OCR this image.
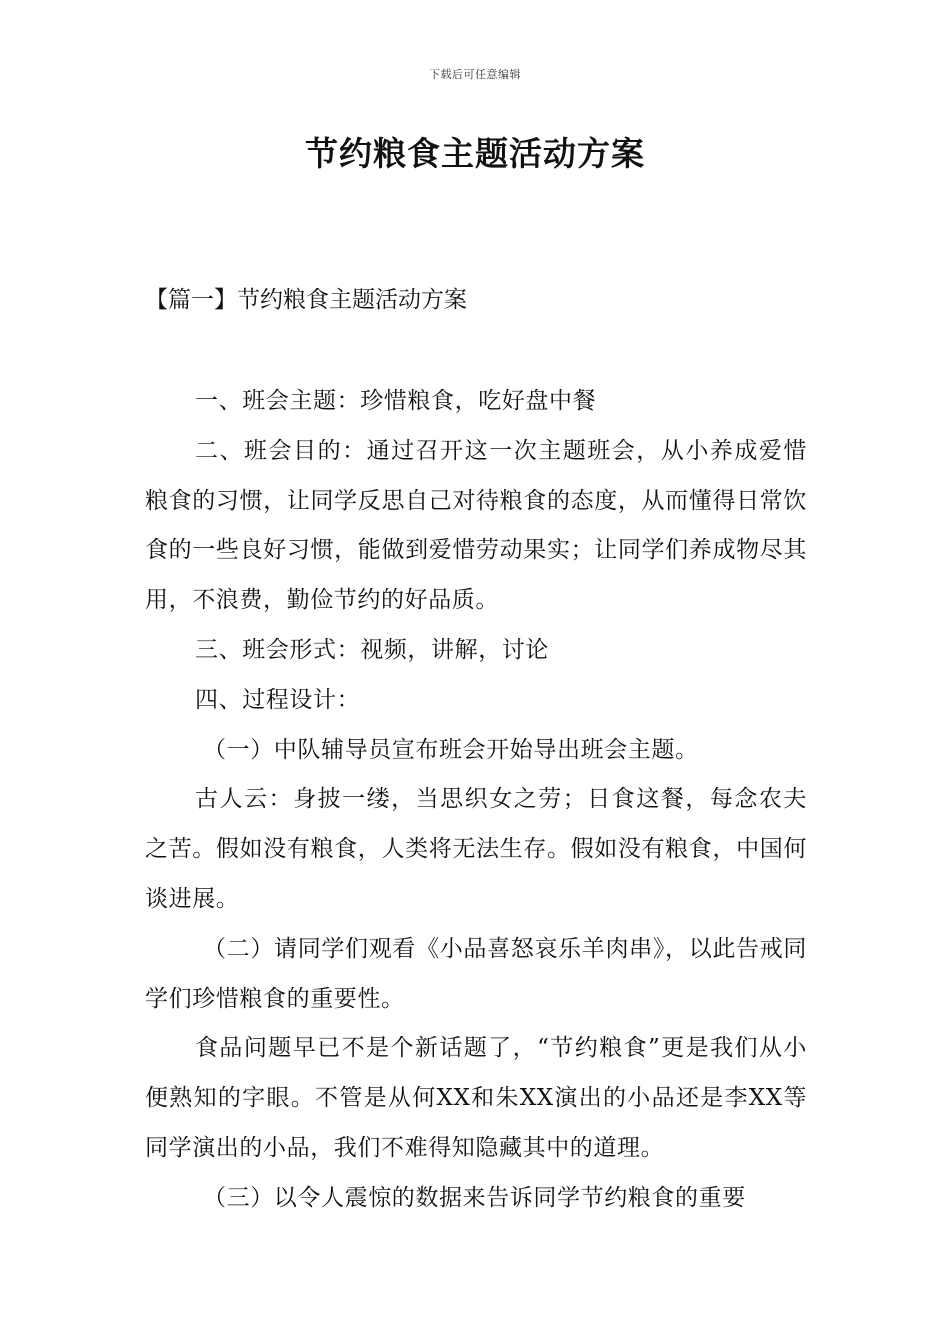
下载后可任意编辑
节约粮食主题活动方案
【篇一】节约粮食主题活动方案

一、班会主题：珍惜粮食，吃好盘中餐

二、班会目的：通过召开这一次主题班会，从小养成爱惜粮食的习惯，让同学反思自己对待粮食的态度，从而懂得日常饮食的一些良好习惯，能做到爱惜劳动果实；让同学们养成物尽其用，不浪费，勤俭节约的好品质。

三、班会形式：视频，讲解，讨论

四、过程设计：

（一）中队辅导员宣布班会开始导出班会主题。

古人云：身披一缕，当思织女之劳；日食这餐，每念农夫之苦。假如没有粮食，人类将无法生存。假如没有粮食，中国何谈进展。

（二）请同学们观看《小品喜怒哀乐羊肉串》，以此告戒同学们珍惜粮食的重要性。

食品问题早已不是个新话题了，“节约粮食”更是我们从小便熟知的字眼。不管是从何XX和朱XX演出的小品还是李XX等同学演出的小品，我们不难得知隐藏其中的道理。

（三）以令人震惊的数据来告诉同学节约粮食的重要
